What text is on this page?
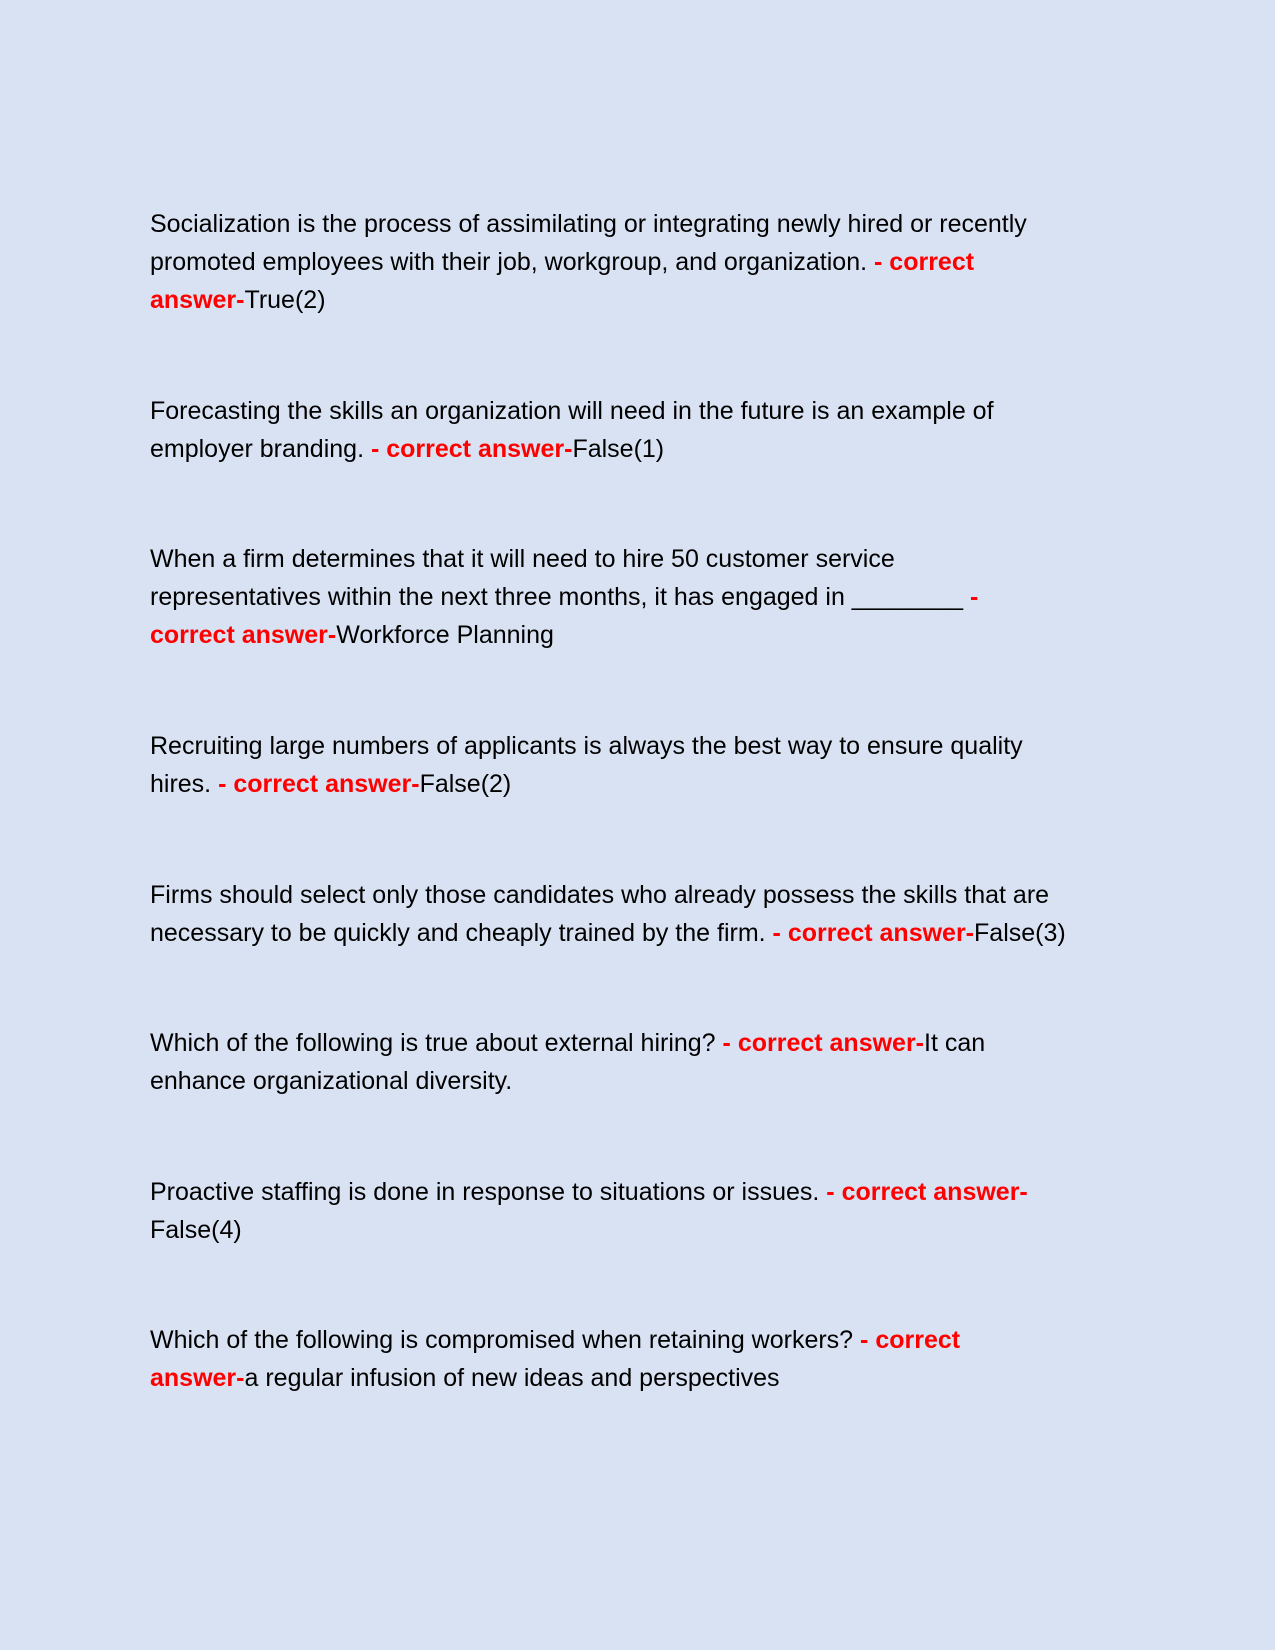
Socialization is the process of assimilating or integrating newly hired or recently
promoted employees with their job, workgroup, and organization. - correct
answer-True(2)
Forecasting the skills an organization will need in the future is an example of
employer branding. - correct answer-False(1)
When a firm determines that it will need to hire 50 customer service
representatives within the next three months, it has engaged in ________ -
correct answer-Workforce Planning
Recruiting large numbers of applicants is always the best way to ensure quality
hires. - correct answer-False(2)
Firms should select only those candidates who already possess the skills that are
necessary to be quickly and cheaply trained by the firm. - correct answer-False(3)
Which of the following is true about external hiring? - correct answer-It can
enhance organizational diversity.
Proactive staffing is done in response to situations or issues. - correct answer-
False(4)
Which of the following is compromised when retaining workers? - correct
answer-a regular infusion of new ideas and perspectives
